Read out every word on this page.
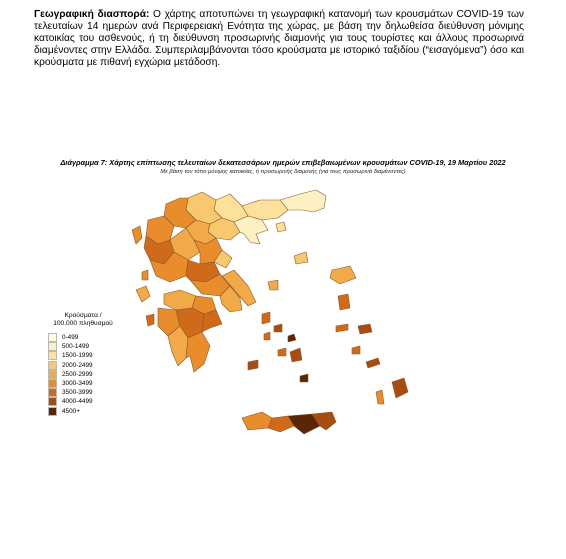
Γεωγραφική διασπορά: Ο χάρτης αποτυπώνει τη γεωγραφική κατανομή των κρουσμάτων COVID-19 των τελευταίων 14 ημερών ανά Περιφερειακή Ενότητα της χώρας, με βάση την δηλωθείσα διεύθυνση μόνιμης κατοικίας του ασθενούς, ή τη διεύθυνση προσωρινής διαμονής για τους τουρίστες και άλλους προσωρινά διαμένοντες στην Ελλάδα. Συμπεριλαμβάνονται τόσο κρούσματα με ιστορικό ταξιδίου (“εισαγόμενα”) όσο και κρούσματα με πιθανή εγχώρια μετάδοση.
Διάγραμμα 7: Χάρτης επίπτωσης τελευταίων δεκατεσσάρων ημερών επιβεβαιωμένων κρουσμάτων COVID-19, 19 Μαρτίου 2022
Με βάση τον τόπο μόνιμης κατοικίας, ή προσωρινής διαμονής (για τους προσωρινά διαμένοντες)
Κρούσματα /
100.000 πληθυσμού
0-499
500-1499
1500-1999
2000-2499
2500-2999
3000-3499
3500-3999
4000-4499
4500+
